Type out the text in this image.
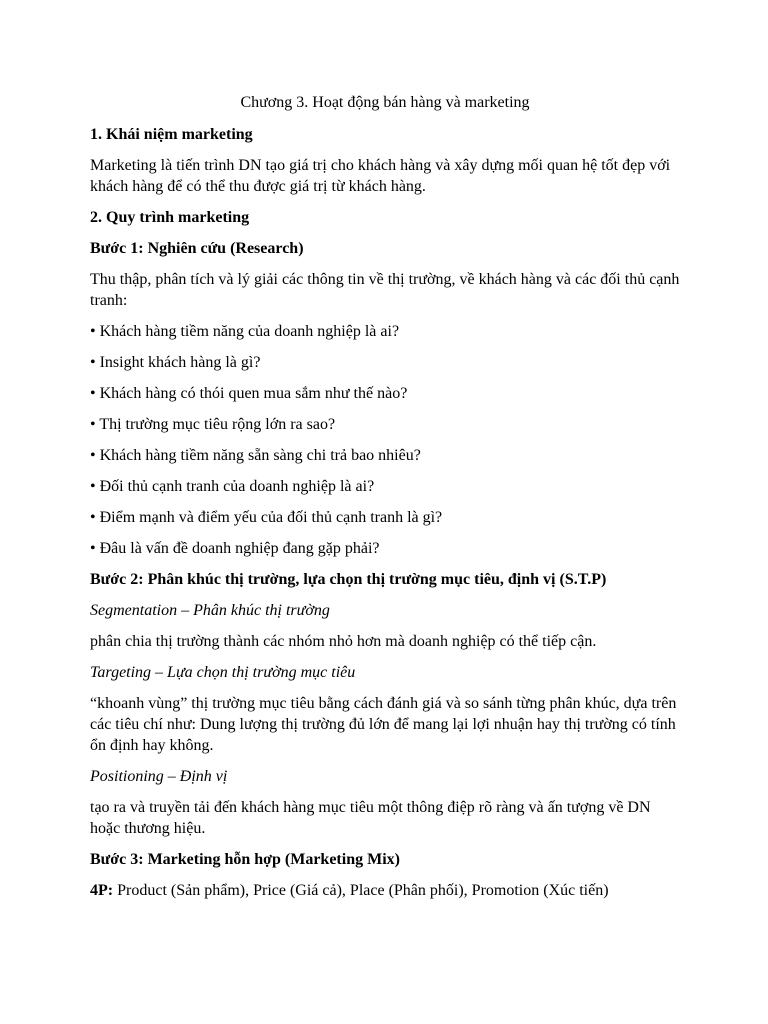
Chương 3. Hoạt động bán hàng và marketing

1. Khái niệm marketing

Marketing là tiến trình DN tạo giá trị cho khách hàng và xây dựng mối quan hệ tốt đẹp với khách hàng để có thể thu được giá trị từ khách hàng.

2. Quy trình marketing

Bước 1: Nghiên cứu (Research)

Thu thập, phân tích và lý giải các thông tin về thị trường, về khách hàng và các đối thủ cạnh tranh:

• Khách hàng tiềm năng của doanh nghiệp là ai?

• Insight khách hàng là gì?

• Khách hàng có thói quen mua sắm như thế nào?

• Thị trường mục tiêu rộng lớn ra sao?

• Khách hàng tiềm năng sẵn sàng chi trả bao nhiêu?

• Đối thủ cạnh tranh của doanh nghiệp là ai?

• Điểm mạnh và điểm yếu của đối thủ cạnh tranh là gì?

• Đâu là vấn đề doanh nghiệp đang gặp phải?

Bước 2: Phân khúc thị trường, lựa chọn thị trường mục tiêu, định vị (S.T.P)

Segmentation – Phân khúc thị trường

phân chia thị trường thành các nhóm nhỏ hơn mà doanh nghiệp có thể tiếp cận.

Targeting – Lựa chọn thị trường mục tiêu

“khoanh vùng” thị trường mục tiêu bằng cách đánh giá và so sánh từng phân khúc, dựa trên các tiêu chí như: Dung lượng thị trường đủ lớn để mang lại lợi nhuận hay thị trường có tính ổn định hay không.

Positioning – Định vị

tạo ra và truyền tải đến khách hàng mục tiêu một thông điệp rõ ràng và ấn tượng về DN hoặc thương hiệu.

Bước 3: Marketing hỗn hợp (Marketing Mix)

4P: Product (Sản phẩm), Price (Giá cả), Place (Phân phối), Promotion (Xúc tiến)
